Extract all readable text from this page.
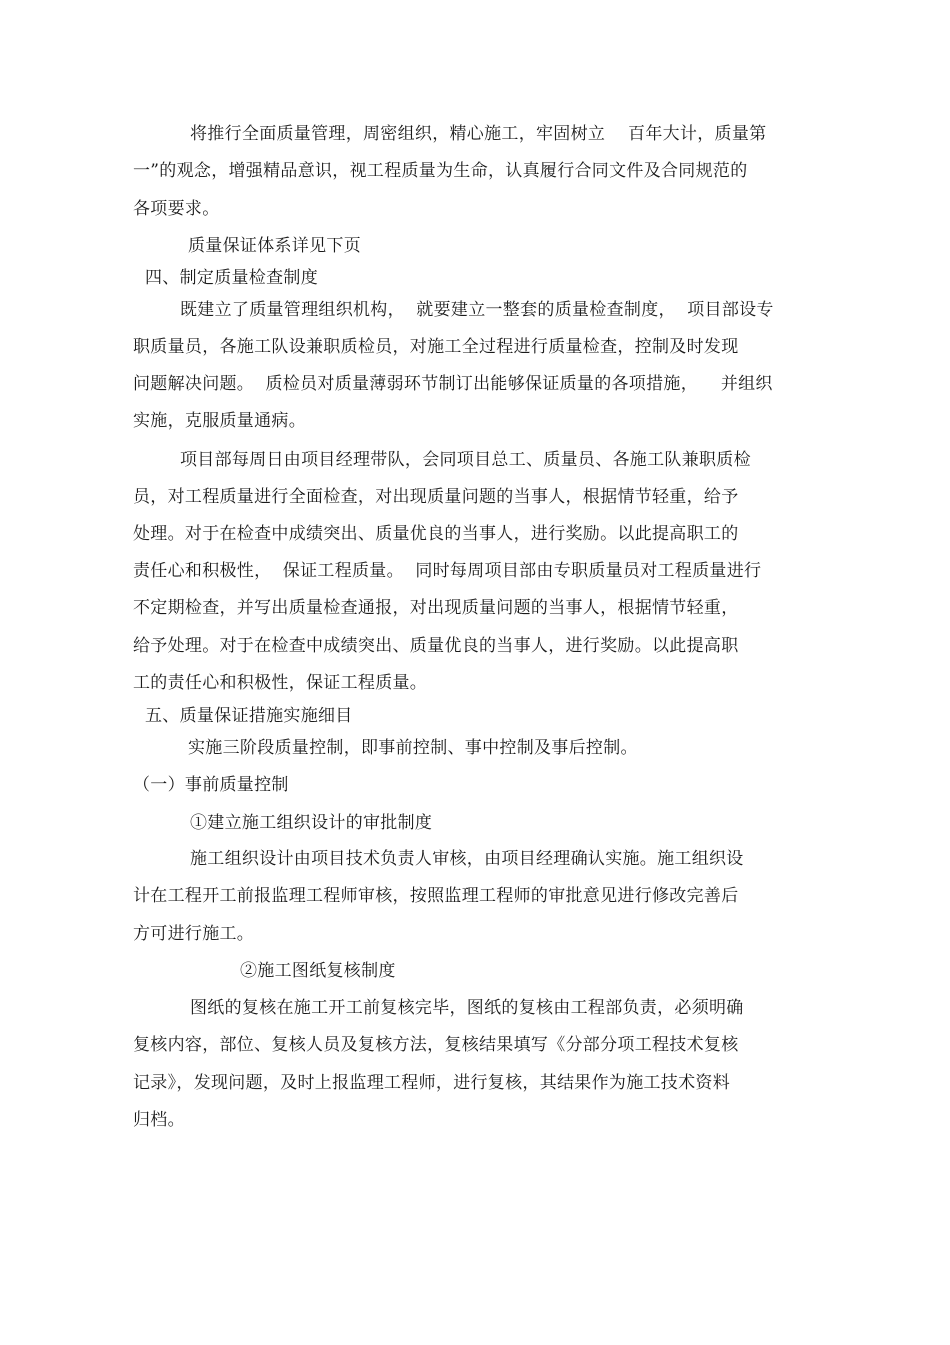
将推行全面质量管理，周密组织，精心施工，牢固树立    百年大计，质量第
一”的观念，增强精品意识，视工程质量为生命，认真履行合同文件及合同规范的
各项要求。
质量保证体系详见下页
四、制定质量检查制度
既建立了质量管理组织机构，  就要建立一整套的质量检查制度，  项目部设专
职质量员，各施工队设兼职质检员，对施工全过程进行质量检查，控制及时发现
问题解决问题。  质检员对质量薄弱环节制订出能够保证质量的各项措施，    并组织
实施，克服质量通病。
项目部每周日由项目经理带队，会同项目总工、质量员、各施工队兼职质检
员，对工程质量进行全面检查，对出现质量问题的当事人，根据情节轻重，给予
处理。对于在检查中成绩突出、质量优良的当事人，进行奖励。以此提高职工的
责任心和积极性，  保证工程质量。  同时每周项目部由专职质量员对工程质量进行
不定期检查，并写出质量检查通报，对出现质量问题的当事人，根据情节轻重，
给予处理。对于在检查中成绩突出、质量优良的当事人，进行奖励。以此提高职
工的责任心和积极性，保证工程质量。
五、质量保证措施实施细目
实施三阶段质量控制，即事前控制、事中控制及事后控制。
（一）事前质量控制
①建立施工组织设计的审批制度
施工组织设计由项目技术负责人审核，由项目经理确认实施。施工组织设
计在工程开工前报监理工程师审核，按照监理工程师的审批意见进行修改完善后
方可进行施工。
②施工图纸复核制度
图纸的复核在施工开工前复核完毕，图纸的复核由工程部负责，必须明确
复核内容，部位、复核人员及复核方法，复核结果填写《分部分项工程技术复核
记录》，发现问题，及时上报监理工程师，进行复核，其结果作为施工技术资料
归档。
